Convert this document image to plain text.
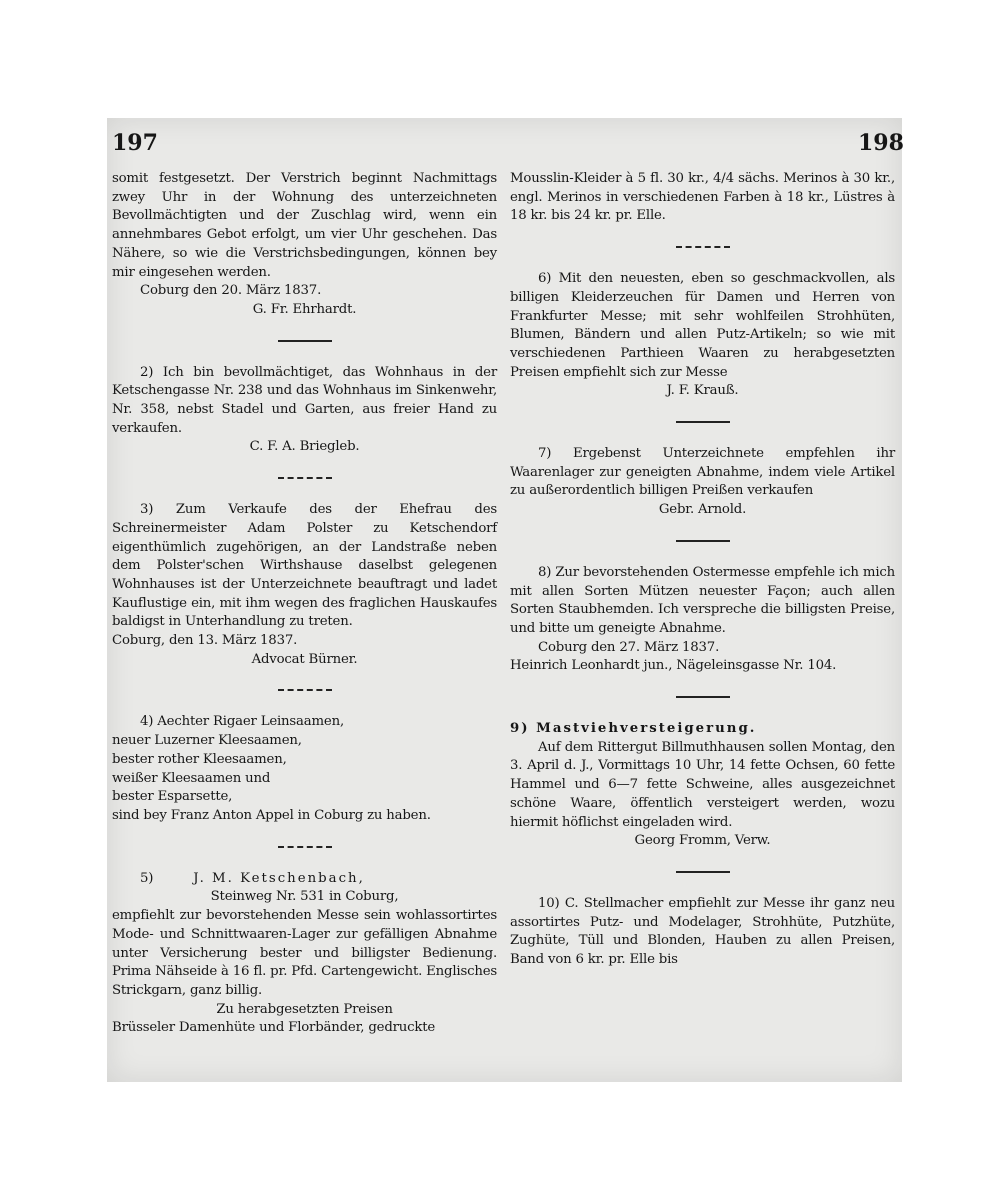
197	198

somit festgesetzt. Der Verstrich beginnt Nachmittags zwey Uhr in der Wohnung des unterzeichneten Bevollmächtigten und der Zuschlag wird, wenn ein annehmbares Gebot erfolgt, um vier Uhr geschehen. Das Nähere, so wie die Verstrichsbedingungen, können bey mir eingesehen werden.

Coburg den 20. März 1837.

G. Fr. Ehrhardt.

2) Ich bin bevollmächtiget, das Wohnhaus in der Ketschengasse Nr. 238 und das Wohnhaus im Sinkenwehr, Nr. 358, nebst Stadel und Garten, aus freier Hand zu verkaufen.

C. F. A. Briegleb.

3) Zum Verkaufe des der Ehefrau des Schreinermeister Adam Polster zu Ketschendorf eigenthümlich zugehörigen, an der Landstraße neben dem Polster'schen Wirthshause daselbst gelegenen Wohnhauses ist der Unterzeichnete beauftragt und ladet Kauflustige ein, mit ihm wegen des fraglichen Hauskaufes baldigst in Unterhandlung zu treten.

Coburg, den 13. März 1837.

Advocat Bürner.

4) Aechter Rigaer Leinsaamen,
neuer Luzerner Kleesaamen,
bester rother Kleesaamen,
weißer Kleesaamen und
bester Esparsette,
sind bey Franz Anton Appel in Coburg zu haben.

5)	J. M. Ketschenbach,

Steinweg Nr. 531 in Coburg,

empfiehlt zur bevorstehenden Messe sein wohlassortirtes Mode- und Schnittwaaren-Lager zur gefälligen Abnahme unter Versicherung bester und billigster Bedienung. Prima Nähseide à 16 fl. pr. Pfd. Cartengewicht. Englisches Strickgarn, ganz billig.

Zu herabgesetzten Preisen

Brüsseler Damenhüte und Florbänder, gedruckte

Mousslin-Kleider à 5 fl. 30 kr., 4/4 sächs. Merinos à 30 kr., engl. Merinos in verschiedenen Farben à 18 kr., Lüstres à 18 kr. bis 24 kr. pr. Elle.

6) Mit den neuesten, eben so geschmackvollen, als billigen Kleiderzeuchen für Damen und Herren von Frankfurter Messe; mit sehr wohlfeilen Strohhüten, Blumen, Bändern und allen Putz-Artikeln; so wie mit verschiedenen Parthieen Waaren zu herabgesetzten Preisen empfiehlt sich zur Messe

J. F. Krauß.

7) Ergebenst Unterzeichnete empfehlen ihr Waarenlager zur geneigten Abnahme, indem viele Artikel zu außerordentlich billigen Preißen verkaufen

Gebr. Arnold.

8) Zur bevorstehenden Ostermesse empfehle ich mich mit allen Sorten Mützen neuester Façon; auch allen Sorten Staubhemden. Ich verspreche die billigsten Preise, und bitte um geneigte Abnahme.

Coburg den 27. März 1837.

Heinrich Leonhardt jun., Nägeleinsgasse Nr. 104.

9) Mastviehversteigerung.

Auf dem Rittergut Billmuthhausen sollen Montag, den 3. April d. J., Vormittags 10 Uhr, 14 fette Ochsen, 60 fette Hammel und 6—7 fette Schweine, alles ausgezeichnet schöne Waare, öffentlich versteigert werden, wozu hiermit höflichst eingeladen wird.

Georg Fromm, Verw.

10) C. Stellmacher empfiehlt zur Messe ihr ganz neu assortirtes Putz- und Modelager, Strohhüte, Putzhüte, Zughüte, Tüll und Blonden, Hauben zu allen Preisen, Band von 6 kr. pr. Elle bis
